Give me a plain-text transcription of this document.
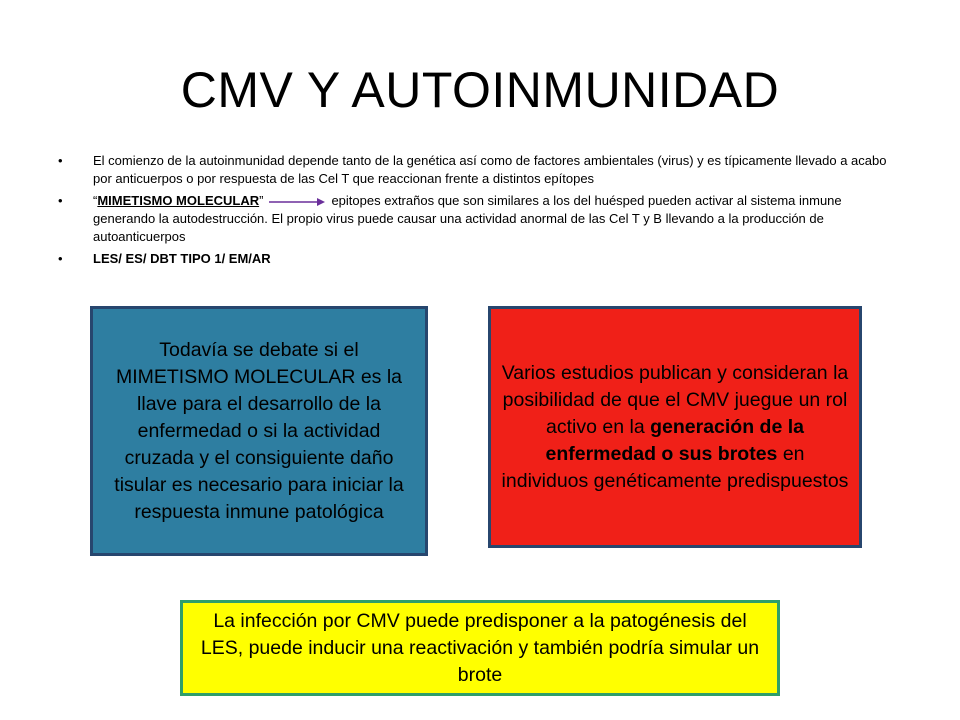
CMV Y AUTOINMUNIDAD
• El comienzo de la autoinmunidad depende tanto de la genética así como de factores ambientales (virus) y es típicamente llevado a acabo por anticuerpos o por respuesta de las Cel T que reaccionan frente a distintos epítopes
• “MIMETISMO MOLECULAR”	epitopes extraños que son similares a los del huésped pueden activar al sistema inmune generando la autodestrucción. El propio virus puede causar una actividad anormal de las Cel T y B llevando a la producción de autoanticuerpos
• LES/ ES/ DBT TIPO 1/ EM/AR
Todavía se debate si el MIMETISMO MOLECULAR es la llave para el desarrollo de la enfermedad o si la actividad cruzada y el consiguiente daño tisular es necesario para iniciar la respuesta inmune patológica
Varios estudios publican y consideran la posibilidad de que el CMV juegue un rol activo en la generación de la enfermedad o sus brotes en individuos genéticamente predispuestos
La infección por CMV puede predisponer a la patogénesis del LES, puede inducir una reactivación y también podría simular un brote
